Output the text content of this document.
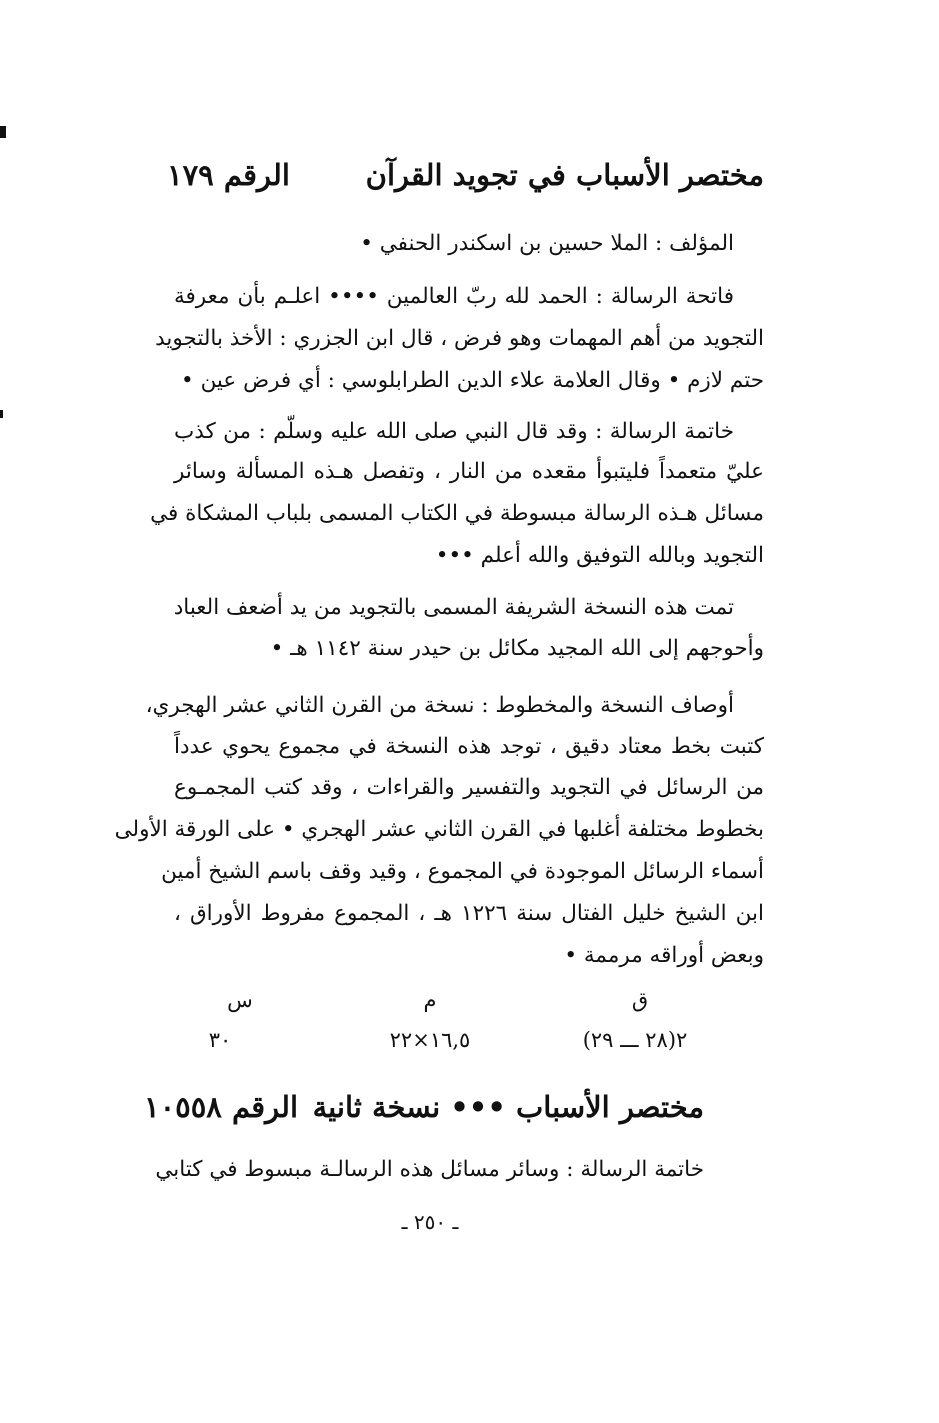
مختصر الأسباب في تجويد القرآن
الرقم ١٧٩
المؤلف : الملا حسين بن اسكندر الحنفي •
فاتحة الرسالة : الحمد لله ربّ العالمين •••• اعلـم بأن معرفة
التجويد من أهم المهمات وهو فرض ، قال ابن الجزري : الأخذ بالتجويد
حتم لازم • وقال العلامة علاء الدين الطرابلوسي : أي فرض عين •
خاتمة الرسالة : وقد قال النبي صلى الله عليه وسلّم : من كذب
عليّ متعمداً فليتبوأ مقعده من النار ، وتفصل هـذه المسألة وسائر
مسائل هـذه الرسالة مبسوطة في الكتاب المسمى بلباب المشكاة في
التجويد وبالله التوفيق والله أعلم •••
تمت هذه النسخة الشريفة المسمى بالتجويد من يد أضعف العباد
وأحوجهم إلى الله المجيد مكائل بن حيدر سنة ١١٤٢ هـ •
أوصاف النسخة والمخطوط : نسخة من القرن الثاني عشر الهجري،
كتبت بخط معتاد دقيق ، توجد هذه النسخة في مجموع يحوي عدداً
من الرسائل في التجويد والتفسير والقراءات ، وقد كتب المجمـوع
بخطوط مختلفة أغلبها في القرن الثاني عشر الهجري • على الورقة الأولى
أسماء الرسائل الموجودة في المجموع ، وقيد وقف باسم الشيخ أمين
ابن الشيخ خليل الفتال سنة ١٢٢٦ هـ ، المجموع مفروط الأوراق ،
وبعض أوراقه مرممة •
ق
٢(٢٨ ـــ ٢٩)
م
١٦,٥×٢٢
س
٣٠
مختصر الأسباب ••• نسخة ثانية
الرقم ١٠٥٥٨
خاتمة الرسالة : وسائر مسائل هذه الرسالـة مبسوط في كتابي
ـ ٢٥٠ ـ
